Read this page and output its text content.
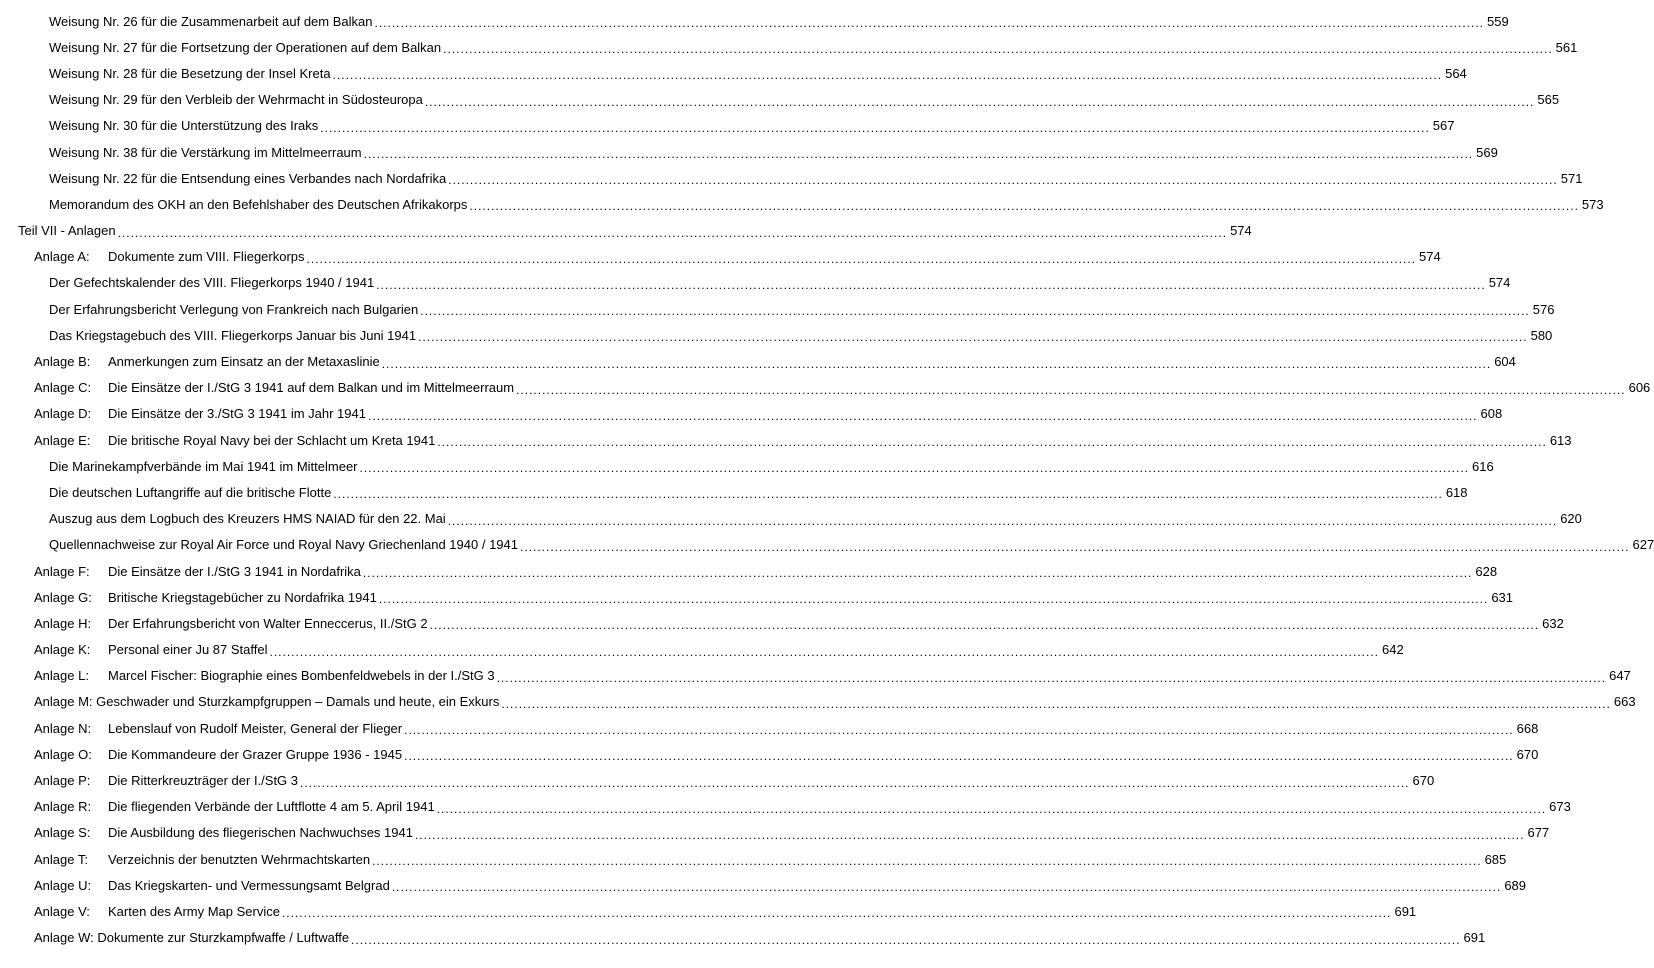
Weisung Nr. 26 für die Zusammenarbeit auf dem Balkan .....	559
Weisung Nr. 27 für die Fortsetzung der Operationen auf dem Balkan .....	561
Weisung Nr. 28 für die Besetzung der Insel Kreta .....	564
Weisung Nr. 29 für den Verbleib der Wehrmacht in Südosteuropa .....	565
Weisung Nr. 30 für die Unterstützung des Iraks .....	567
Weisung Nr. 38 für die Verstärkung im Mittelmeerraum .....	569
Weisung Nr. 22 für die Entsendung eines Verbandes nach Nordafrika .....	571
Memorandum des OKH an den Befehlshaber des Deutschen Afrikakorps .....	573
Teil VII - Anlagen .....	574
Anlage A:	Dokumente zum VIII. Fliegerkorps .....	574
Der Gefechtskalender des VIII. Fliegerkorps 1940 / 1941 .....	574
Der Erfahrungsbericht Verlegung von Frankreich nach Bulgarien .....	576
Das Kriegstagebuch des VIII. Fliegerkorps Januar bis Juni 1941 .....	580
Anlage B:	Anmerkungen zum Einsatz an der Metaxaslinie .....	604
Anlage C:	Die Einsätze der I./StG 3 1941 auf dem Balkan und im Mittelmeerraum .....	606
Anlage D:	Die Einsätze der 3./StG 3 1941 im Jahr 1941 .....	608
Anlage E:	Die britische Royal Navy bei der Schlacht um Kreta 1941 .....	613
Die Marinekampfverbände im Mai 1941 im Mittelmeer .....	616
Die deutschen Luftangriffe auf die britische Flotte .....	618
Auszug aus dem Logbuch des Kreuzers HMS NAIAD für den 22. Mai .....	620
Quellennachweise zur Royal Air Force und Royal Navy Griechenland 1940 / 1941 .....	627
Anlage F:	Die Einsätze der I./StG 3 1941 in Nordafrika .....	628
Anlage G:	Britische Kriegstagebücher zu Nordafrika 1941 .....	631
Anlage H:	Der Erfahrungsbericht von Walter Enneccerus, II./StG 2 .....	632
Anlage K:	Personal einer Ju 87 Staffel .....	642
Anlage L:	Marcel Fischer: Biographie eines Bombenfeldwebels in der I./StG 3 .....	647
Anlage M: Geschwader und Sturzkampfgruppen – Damals und heute, ein Exkurs .....	663
Anlage N:	Lebenslauf von Rudolf Meister, General der Flieger .....	668
Anlage O:	Die Kommandeure der Grazer Gruppe 1936 - 1945 .....	670
Anlage P:	Die Ritterkreuzträger der I./StG 3 .....	670
Anlage R:	Die fliegenden Verbände der Luftflotte 4 am 5. April 1941 .....	673
Anlage S:	Die Ausbildung des fliegerischen Nachwuchses 1941 .....	677
Anlage T:	Verzeichnis der benutzten Wehrmachtskarten .....	685
Anlage U:	Das Kriegskarten- und Vermessungsamt Belgrad .....	689
Anlage V:	Karten des Army Map Service .....	691
Anlage W: Dokumente zur Sturzkampfwaffe / Luftwaffe .....	691
